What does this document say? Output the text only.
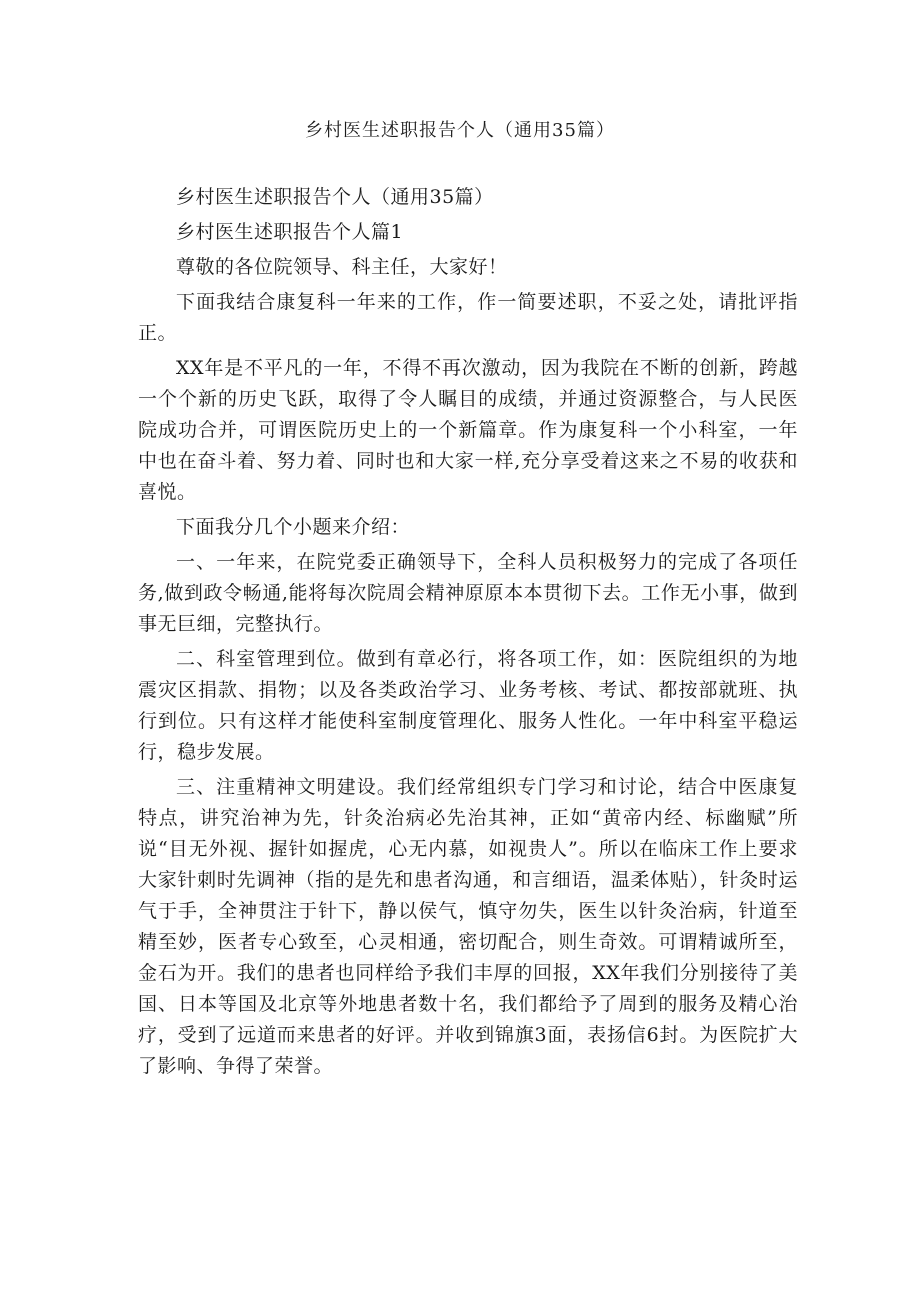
乡村医生述职报告个人（通用35篇）

乡村医生述职报告个人（通用35篇）

乡村医生述职报告个人篇1

尊敬的各位院领导、科主任，大家好！

下面我结合康复科一年来的工作，作一简要述职，不妥之处，请批评指正。

XX年是不平凡的一年，不得不再次激动，因为我院在不断的创新，跨越一个个新的历史飞跃，取得了令人瞩目的成绩，并通过资源整合，与人民医院成功合并，可谓医院历史上的一个新篇章。作为康复科一个小科室，一年中也在奋斗着、努力着、同时也和大家一样,充分享受着这来之不易的收获和喜悦。

下面我分几个小题来介绍：

一、一年来，在院党委正确领导下，全科人员积极努力的完成了各项任务,做到政令畅通,能将每次院周会精神原原本本贯彻下去。工作无小事，做到事无巨细，完整执行。

二、科室管理到位。做到有章必行，将各项工作，如：医院组织的为地震灾区捐款、捐物；以及各类政治学习、业务考核、考试、都按部就班、执行到位。只有这样才能使科室制度管理化、服务人性化。一年中科室平稳运行，稳步发展。

三、注重精神文明建设。我们经常组织专门学习和讨论，结合中医康复特点，讲究治神为先，针灸治病必先治其神，正如“黄帝内经、标幽赋”所说“目无外视、握针如握虎，心无内慕，如视贵人”。所以在临床工作上要求大家针刺时先调神（指的是先和患者沟通，和言细语，温柔体贴），针灸时运气于手，全神贯注于针下，静以侯气，慎守勿失，医生以针灸治病，针道至精至妙，医者专心致至，心灵相通，密切配合，则生奇效。可谓精诚所至，金石为开。我们的患者也同样给予我们丰厚的回报，XX年我们分别接待了美国、日本等国及北京等外地患者数十名，我们都给予了周到的服务及精心治疗，受到了远道而来患者的好评。并收到锦旗3面，表扬信6封。为医院扩大了影响、争得了荣誉。
